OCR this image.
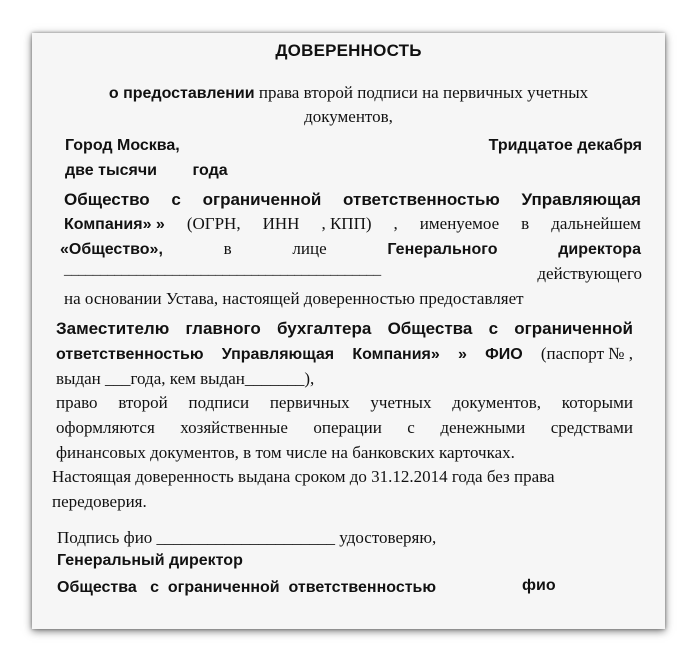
ДОВЕРЕННОСТЬ
о предоставлении права второй подписи на первичных учетных
документов,
Город Москва,	Тридцатое декабря
две тысячи        года
Общество с ограниченной ответственностью Управляющая
Компания» » (ОГРН, ИНН , КПП) , именуемое в дальнейшем
«Общество»,	в	лице	Генерального	директора
____________________________________________	действующего
на основании Устава, настоящей доверенностью предоставляет
Заместителю главного бухгалтера Общества с ограниченной
ответственностью Управляющая Компания» » ФИО (паспорт № ,
выдан ___года, кем выдан_______),
право второй подписи первичных учетных документов, которыми
оформляются хозяйственные операции с денежными средствами
финансовых документов, в том числе на банковских карточках.
Настоящая доверенность выдана сроком до 31.12.2014 года без права
передоверия.
Подпись фио _____________________ удостоверяю,
Генеральный директор
Общества   с  ограниченной  ответственностью	фио
